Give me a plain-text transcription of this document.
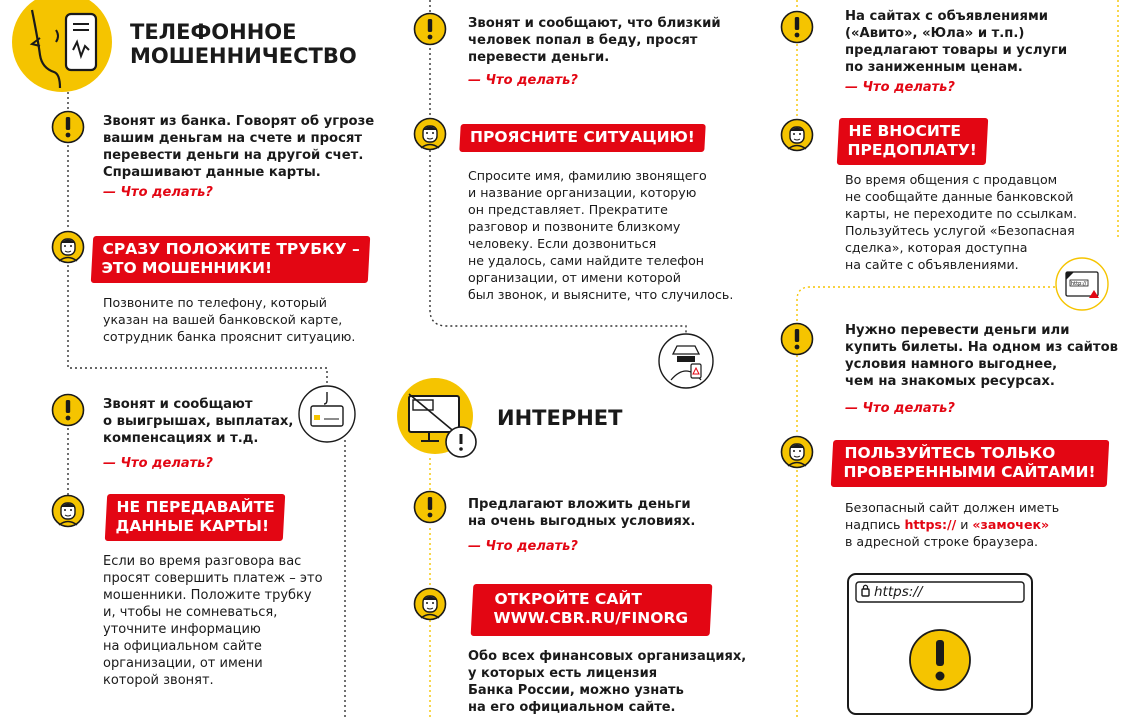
ТЕЛЕФОННОЕ
МОШЕННИЧЕСТВО
Звонят из банка. Говорят об угрозе
вашим деньгам на счете и просят
перевести деньги на другой счет.
Спрашивают данные карты.
— Что делать?
СРАЗУ ПОЛОЖИТЕ ТРУБКУ –
ЭТО МОШЕННИКИ!
Позвоните по телефону, который
указан на вашей банковской карте,
сотрудник банка прояснит ситуацию.
Звонят и сообщают
о выигрышах, выплатах,
компенсациях и т.д.
— Что делать?
НЕ ПЕРЕДАВАЙТЕ
ДАННЫЕ КАРТЫ!
Если во время разговора вас
просят совершить платеж – это
мошенники. Положите трубку
и, чтобы не сомневаться,
уточните информацию
на официальном сайте
организации, от имени
которой звонят.
Звонят и сообщают, что близкий
человек попал в беду, просят
перевести деньги.
— Что делать?
ПРОЯСНИТЕ СИТУАЦИЮ!
Спросите имя, фамилию звонящего
и название организации, которую
он представляет. Прекратите
разговор и позвоните близкому
человеку. Если дозвониться
не удалось, сами найдите телефон
организации, от имени которой
был звонок, и выясните, что случилось.
ИНТЕРНЕТ
Предлагают вложить деньги
на очень выгодных условиях.
— Что делать?
ОТКРОЙТЕ САЙТ
WWW.CBR.RU/FINORG
Обо всех финансовых организациях,
у которых есть лицензия
Банка России, можно узнать
на его официальном сайте.
На сайтах с объявлениями
(«Авито», «Юла» и т.п.)
предлагают товары и услуги
по заниженным ценам.
— Что делать?
НЕ ВНОСИТЕ
ПРЕДОПЛАТУ!
Во время общения с продавцом
не сообщайте данные банковской
карты, не переходите по ссылкам.
Пользуйтесь услугой «Безопасная
сделка», которая доступна
на сайте с объявлениями.
http://
Нужно перевести деньги или
купить билеты. На одном из сайтов
условия намного выгоднее,
чем на знакомых ресурсах.
— Что делать?
ПОЛЬЗУЙТЕСЬ ТОЛЬКО
ПРОВЕРЕННЫМИ САЙТАМИ!
Безопасный сайт должен иметь
надпись https:// и «замочек»
в адресной строке браузера.
https://
